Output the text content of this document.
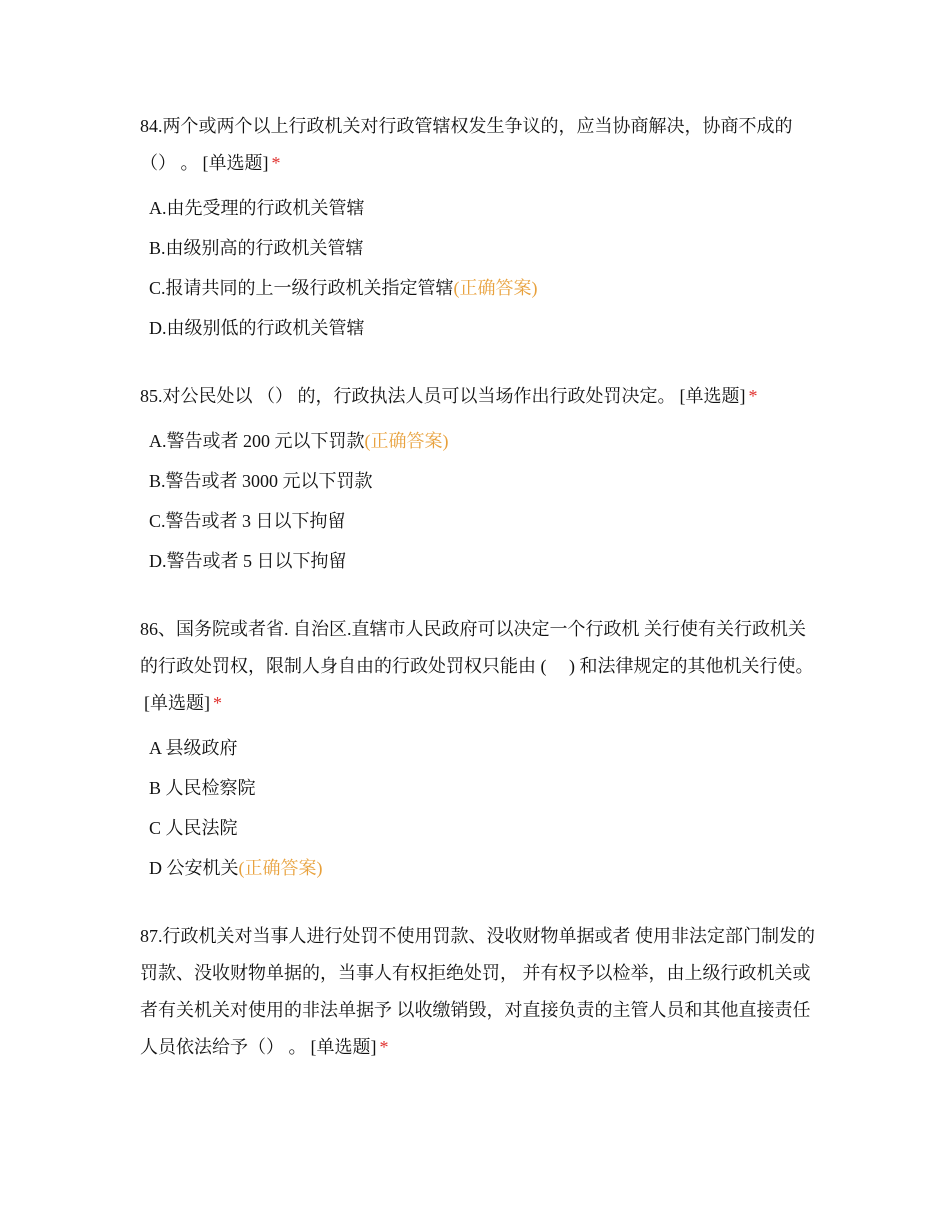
84.两个或两个以上行政机关对行政管辖权发生争议的，应当协商解决，协商不成的 （） 。 [单选题] *

A.由先受理的行政机关管辖
B.由级别高的行政机关管辖
C.报请共同的上一级行政机关指定管辖(正确答案)
D.由级别低的行政机关管辖

85.对公民处以 （） 的，行政执法人员可以当场作出行政处罚决定。 [单选题] *

A.警告或者 200 元以下罚款(正确答案)
B.警告或者 3000 元以下罚款
C.警告或者 3 日以下拘留
D.警告或者 5 日以下拘留

86、国务院或者省. 自治区.直辖市人民政府可以决定一个行政机 关行使有关行政机关的行政处罚权，限制人身自由的行政处罚权只能由 (　 ) 和法律规定的其他机关行使。[单选题] *

A 县级政府
B 人民检察院
C 人民法院
D 公安机关(正确答案)

87.行政机关对当事人进行处罚不使用罚款、没收财物单据或者 使用非法定部门制发的罚款、没收财物单据的，当事人有权拒绝处罚， 并有权予以检举，由上级行政机关或者有关机关对使用的非法单据予 以收缴销毁，对直接负责的主管人员和其他直接责任人员依法给予（） 。 [单选题] *
